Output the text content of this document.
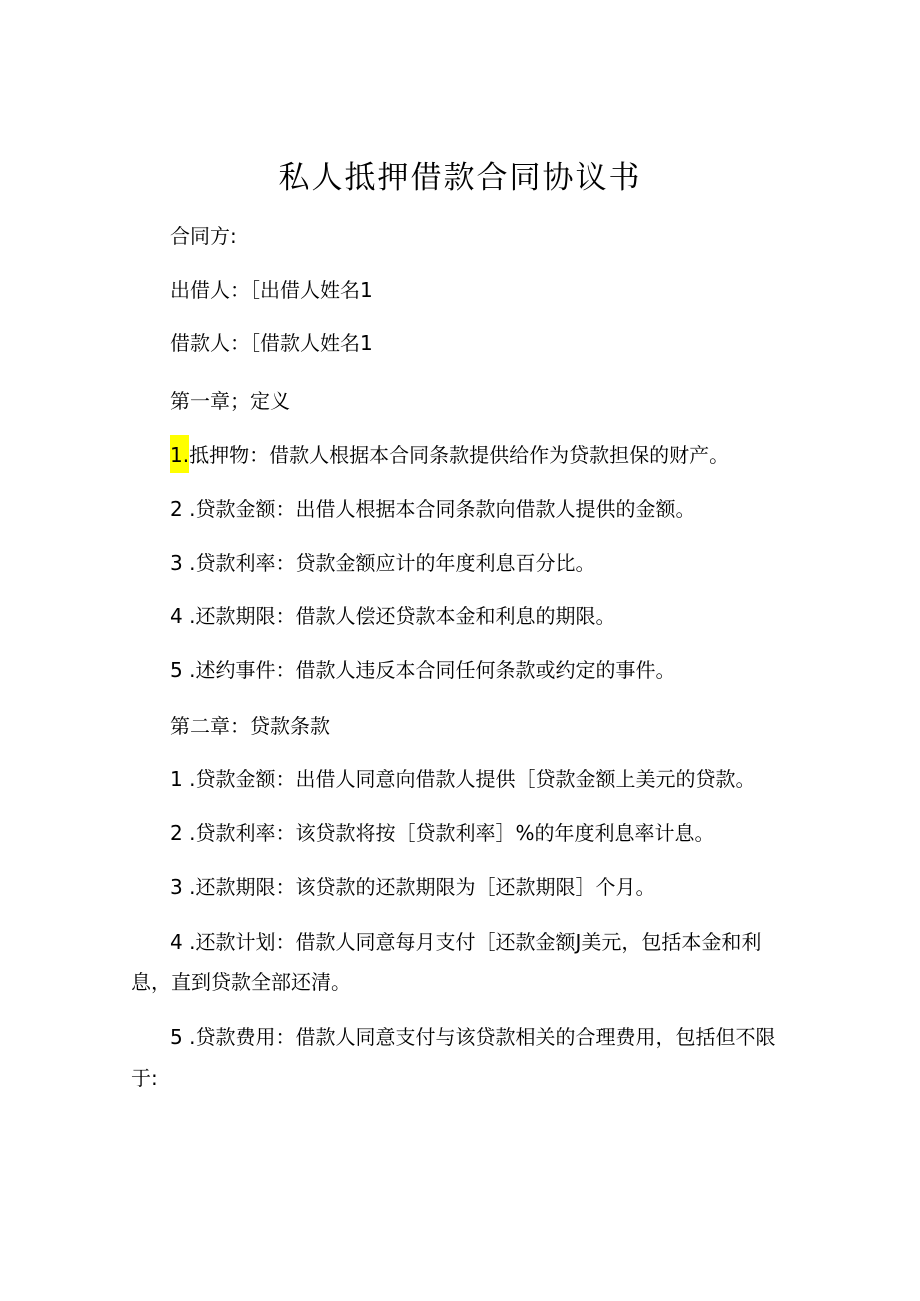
私人抵押借款合同协议书
合同方:
出借人：［出借人姓名1
借款人：［借款人姓名1
第一章；定义
1.抵押物：借款人根据本合同条款提供给作为贷款担保的财产。
2 .贷款金额：出借人根据本合同条款向借款人提供的金额。
3 .贷款利率：贷款金额应计的年度利息百分比。
4 .还款期限：借款人偿还贷款本金和利息的期限。
5 .述约事件：借款人违反本合同任何条款或约定的事件。
第二章：贷款条款
1 .贷款金额：出借人同意向借款人提供［贷款金额上美元的贷款。
2 .贷款利率：该贷款将按［贷款利率］%的年度利息率计息。
3 .还款期限：该贷款的还款期限为［还款期限］个月。
4 .还款计划：借款人同意每月支付［还款金额J美元，包括本金和利
息，直到贷款全部还清。
5 .贷款费用：借款人同意支付与该贷款相关的合理费用，包括但不限
于:
